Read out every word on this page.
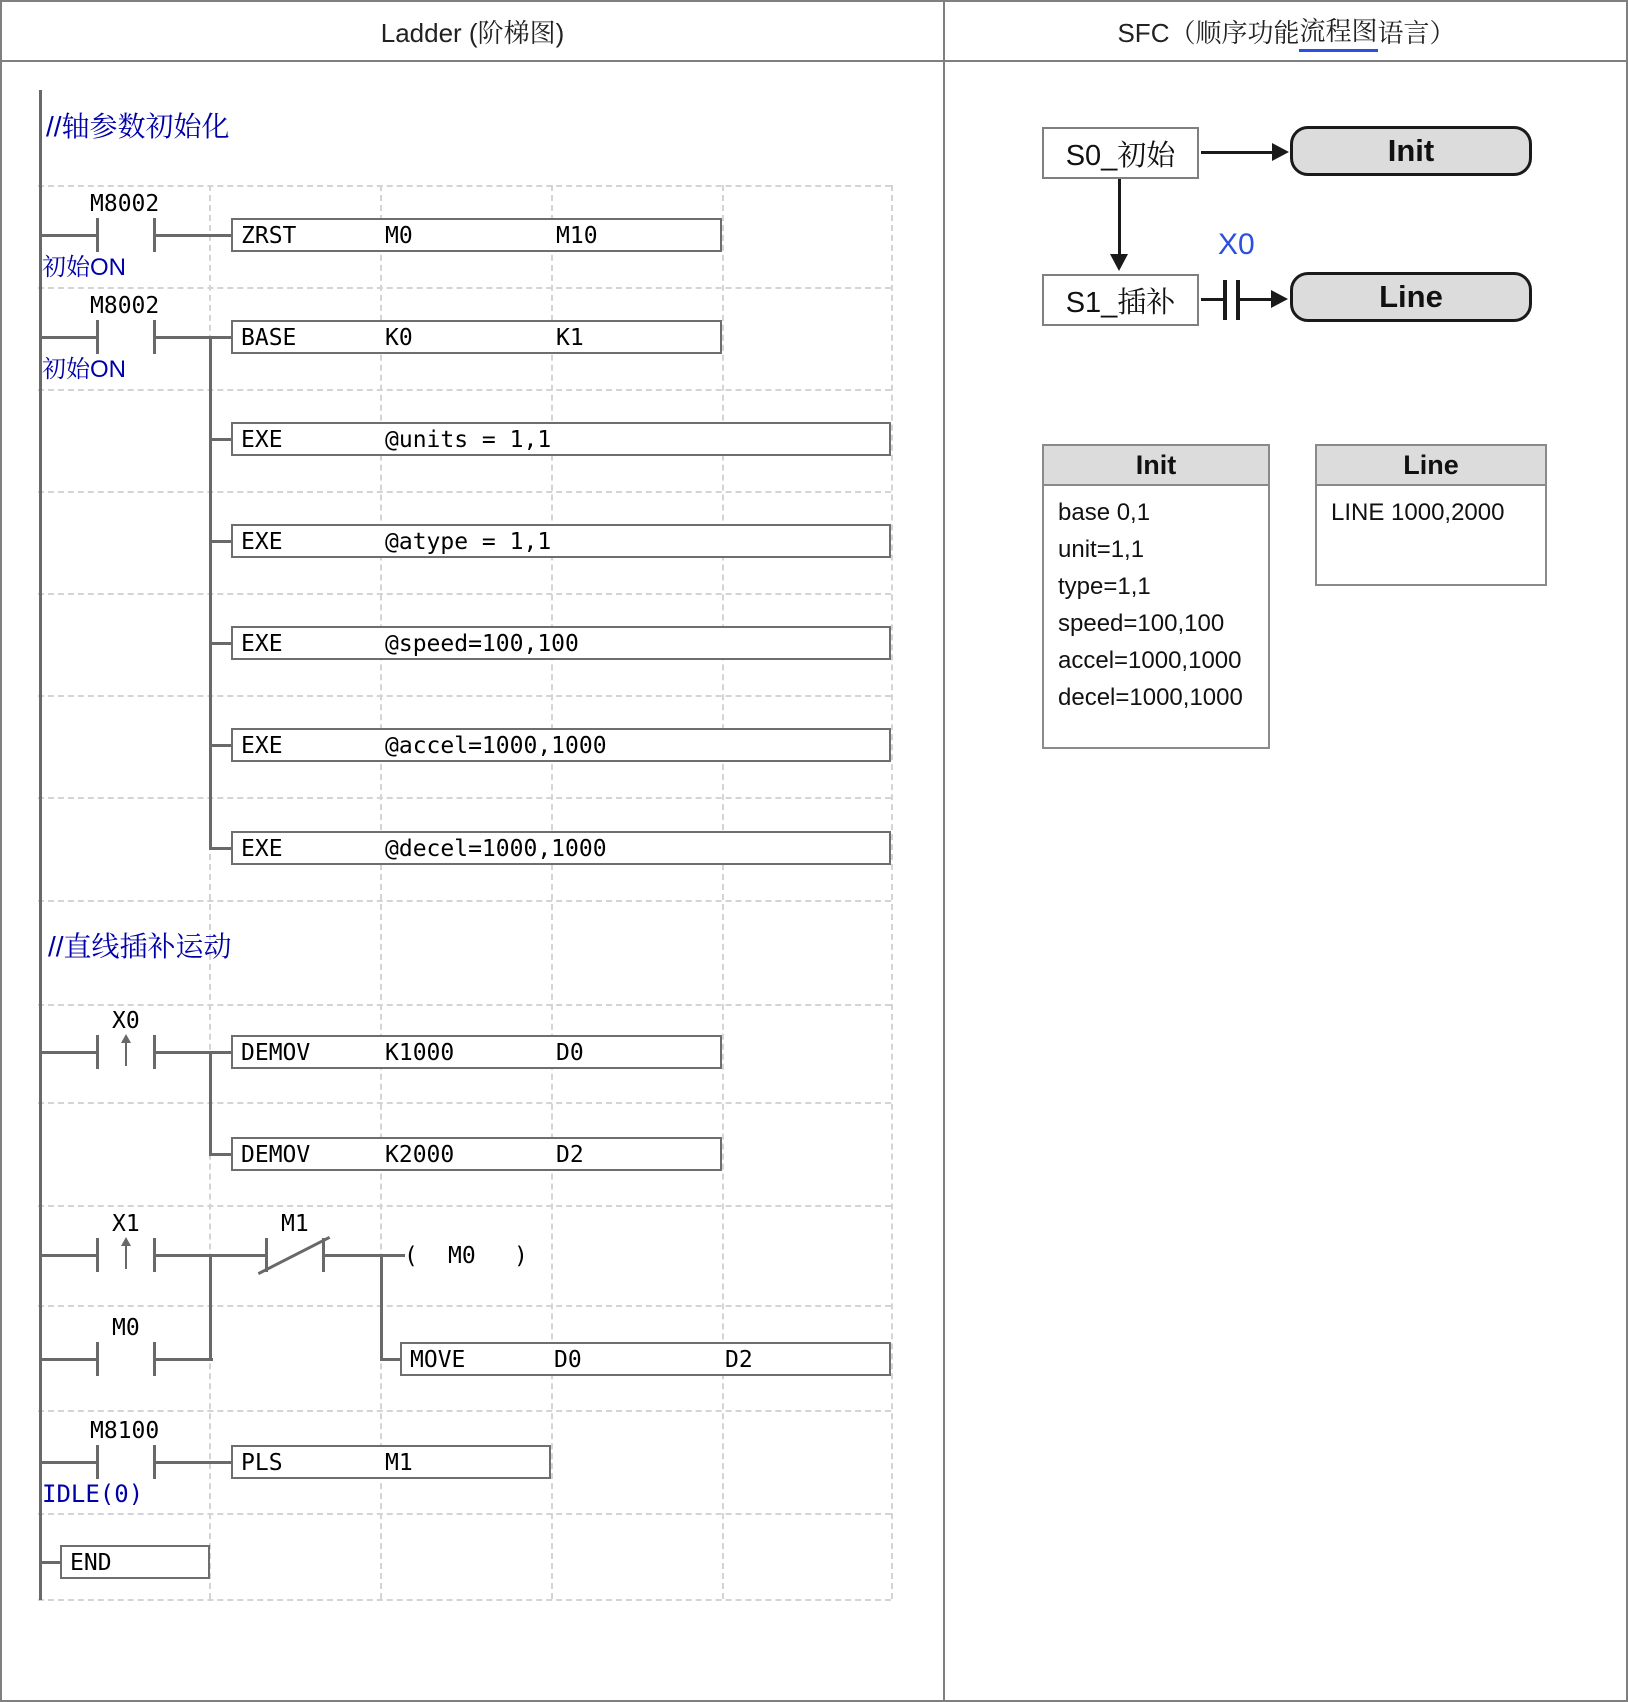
Ladder (阶梯图)	SFC（顺序功能 流程图 语言）
//轴参数初始化
M8002
初始ON
ZRST	M0	M10
M8002
初始ON
BASE	K0	K1
EXE	@units = 1,1
EXE	@atype = 1,1
EXE	@speed=100,100
EXE	@accel=1000,1000
EXE	@decel=1000,1000
//直线插补运动
X0
DEMOV	K1000	D0
DEMOV	K2000	D2
X1	M1
( M0 )
M0
MOVE	D0	D2
M8100
IDLE(0)
PLS	M1
END
S0_初始	Init
X0
S1_插补	Line
Init
base 0,1
unit=1,1
type=1,1
speed=100,100
accel=1000,1000
decel=1000,1000
Line
LINE 1000,2000
